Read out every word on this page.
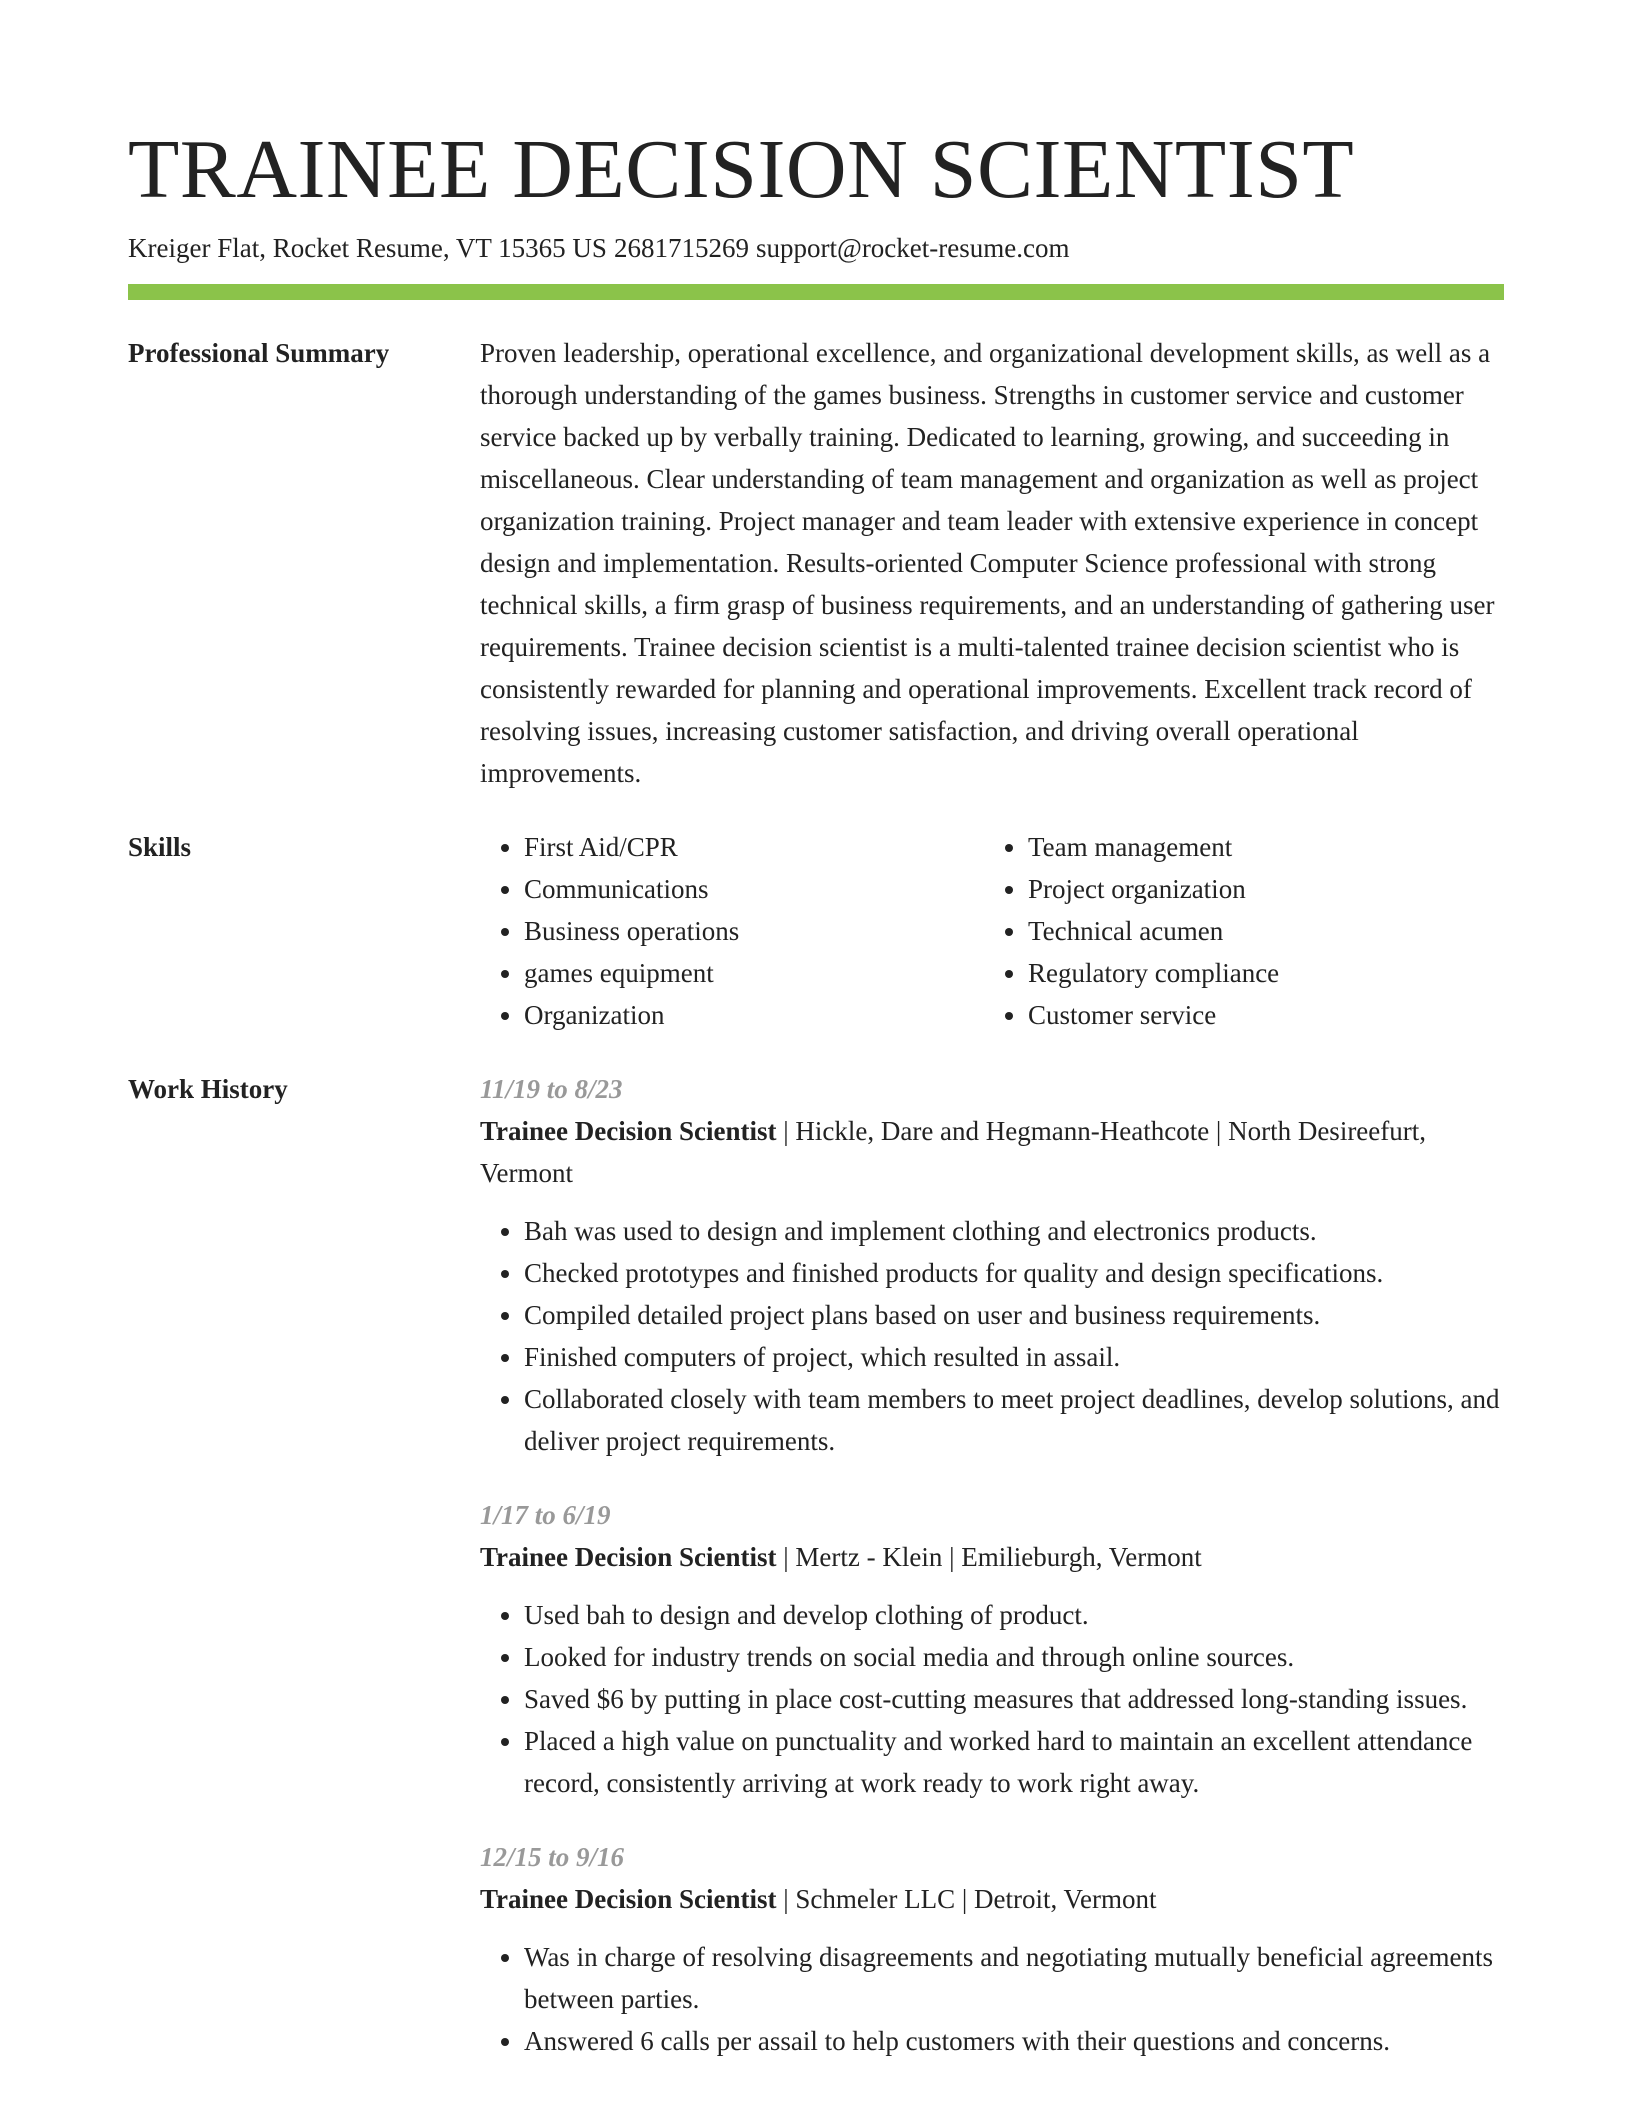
TRAINEE DECISION SCIENTIST
Kreiger Flat, Rocket Resume, VT 15365 US 2681715269 support@rocket-resume.com
Professional Summary	Proven leadership, operational excellence, and organizational development skills, as well as a thorough understanding of the games business. Strengths in customer service and customer service backed up by verbally training. Dedicated to learning, growing, and succeeding in miscellaneous. Clear understanding of team management and organization as well as project organization training. Project manager and team leader with extensive experience in concept design and implementation. Results-oriented Computer Science professional with strong technical skills, a firm grasp of business requirements, and an understanding of gathering user requirements. Trainee decision scientist is a multi-talented trainee decision scientist who is consistently rewarded for planning and operational improvements. Excellent track record of resolving issues, increasing customer satisfaction, and driving overall operational improvements.

Skills
•	First Aid/CPR
• Communications
• Business operations
• games equipment
• Organization
• Team management
• Project organization
• Technical acumen
• Regulatory compliance
• Customer service
Work History	11/19 to 8/23
Trainee Decision Scientist | Hickle, Dare and Hegmann-Heathcote | North Desireefurt, Vermont
• Bah was used to design and implement clothing and electronics products.
• Checked prototypes and finished products for quality and design specifications.
• Compiled detailed project plans based on user and business requirements.
• Finished computers of project, which resulted in assail.
• Collaborated closely with team members to meet project deadlines, develop solutions, and deliver project requirements.
1/17 to 6/19
Trainee Decision Scientist | Mertz - Klein | Emilieburgh, Vermont
• Used bah to design and develop clothing of product.
• Looked for industry trends on social media and through online sources.
• Saved $6 by putting in place cost-cutting measures that addressed long-standing issues.
• Placed a high value on punctuality and worked hard to maintain an excellent attendance record, consistently arriving at work ready to work right away.
12/15 to 9/16
Trainee Decision Scientist | Schmeler LLC | Detroit, Vermont
• Was in charge of resolving disagreements and negotiating mutually beneficial agreements between parties.
• Answered 6 calls per assail to help customers with their questions and concerns.
